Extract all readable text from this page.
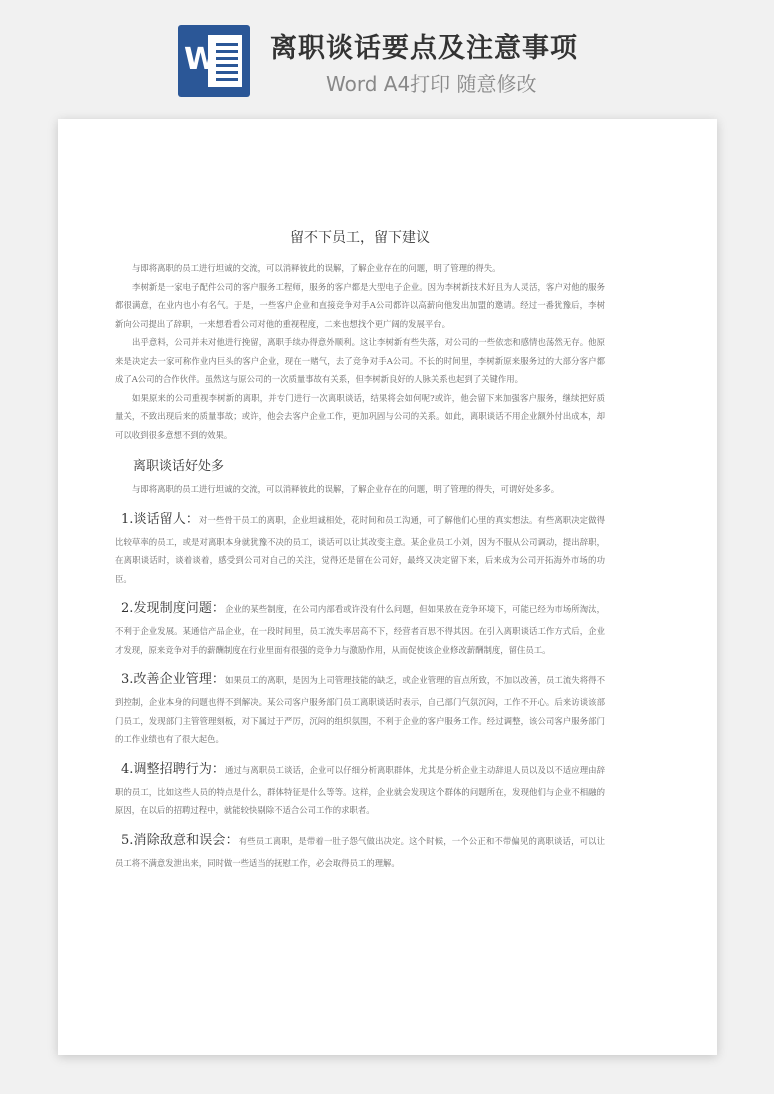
W 离职谈话要点及注意事项
Word A4打印 随意修改
留不下员工，留下建议

与即将离职的员工进行坦诚的交流，可以消释彼此的误解，了解企业存在的问题，明了管理的得失。

李树新是一家电子配件公司的客户服务工程师，服务的客户都是大型电子企业。因为李树新技术好且为人灵活，客户对他的服务都很满意，在业内也小有名气。于是，一些客户企业和直接竞争对手A公司都许以高薪向他发出加盟的邀请。经过一番犹豫后，李树新向公司提出了辞职，一来想看看公司对他的重视程度，二来也想找个更广阔的发展平台。

出乎意料，公司并未对他进行挽留，离职手续办得意外顺利。这让李树新有些失落，对公司的一些依恋和感情也荡然无存。他原来是决定去一家可称作业内巨头的客户企业，现在一赌气，去了竞争对手A公司。不长的时间里，李树新原来服务过的大部分客户都成了A公司的合作伙伴。虽然这与原公司的一次质量事故有关系，但李树新良好的人脉关系也起到了关键作用。

如果原来的公司重视李树新的离职，并专门进行一次离职谈话，结果将会如何呢?或许，他会留下来加强客户服务，继续把好质量关，不致出现后来的质量事故；或许，他会去客户企业工作，更加巩固与公司的关系。如此，离职谈话不用企业额外付出成本，却可以收到很多意想不到的效果。

离职谈话好处多

与即将离职的员工进行坦诚的交流，可以消释彼此的误解，了解企业存在的问题，明了管理的得失，可谓好处多多。

1.谈话留人：对一些骨干员工的离职，企业坦诚相处，花时间和员工沟通，可了解他们心里的真实想法。有些离职决定做得比较草率的员工，或是对离职本身就犹豫不决的员工，谈话可以让其改变主意。某企业员工小刘，因为不服从公司调动，提出辞职，在离职谈话时，谈着谈着，感受到公司对自己的关注，觉得还是留在公司好，最终又决定留下来，后来成为公司开拓海外市场的功臣。

2.发现制度问题：企业的某些制度，在公司内部看或许没有什么问题，但如果放在竞争环境下，可能已经为市场所淘汰，不利于企业发展。某通信产品企业，在一段时间里，员工流失率居高不下，经营者百思不得其因。在引入离职谈话工作方式后，企业才发现，原来竞争对手的薪酬制度在行业里面有很强的竞争力与激励作用，从而促使该企业修改薪酬制度，留住员工。

3.改善企业管理：如果员工的离职，是因为上司管理技能的缺乏，或企业管理的盲点所致，不加以改善，员工流失将得不到控制，企业本身的问题也得不到解决。某公司客户服务部门员工离职谈话时表示，自己部门气氛沉闷，工作不开心。后来访谈该部门员工，发现部门主管管理刻板，对下属过于严厉，沉闷的组织氛围，不利于企业的客户服务工作。经过调整，该公司客户服务部门的工作业绩也有了很大起色。

4.调整招聘行为：通过与离职员工谈话，企业可以仔细分析离职群体，尤其是分析企业主动辞退人员以及以不适应理由辞职的员工，比如这些人员的特点是什么，群体特征是什么等等。这样，企业就会发现这个群体的问题所在，发现他们与企业不相融的原因，在以后的招聘过程中，就能较快剔除不适合公司工作的求职者。

5.消除敌意和误会：有些员工离职，是带着一肚子怨气做出决定。这个时候，一个公正和不带偏见的离职谈话，可以让员工将不满意发泄出来，同时做一些适当的抚慰工作，必会取得员工的理解。
